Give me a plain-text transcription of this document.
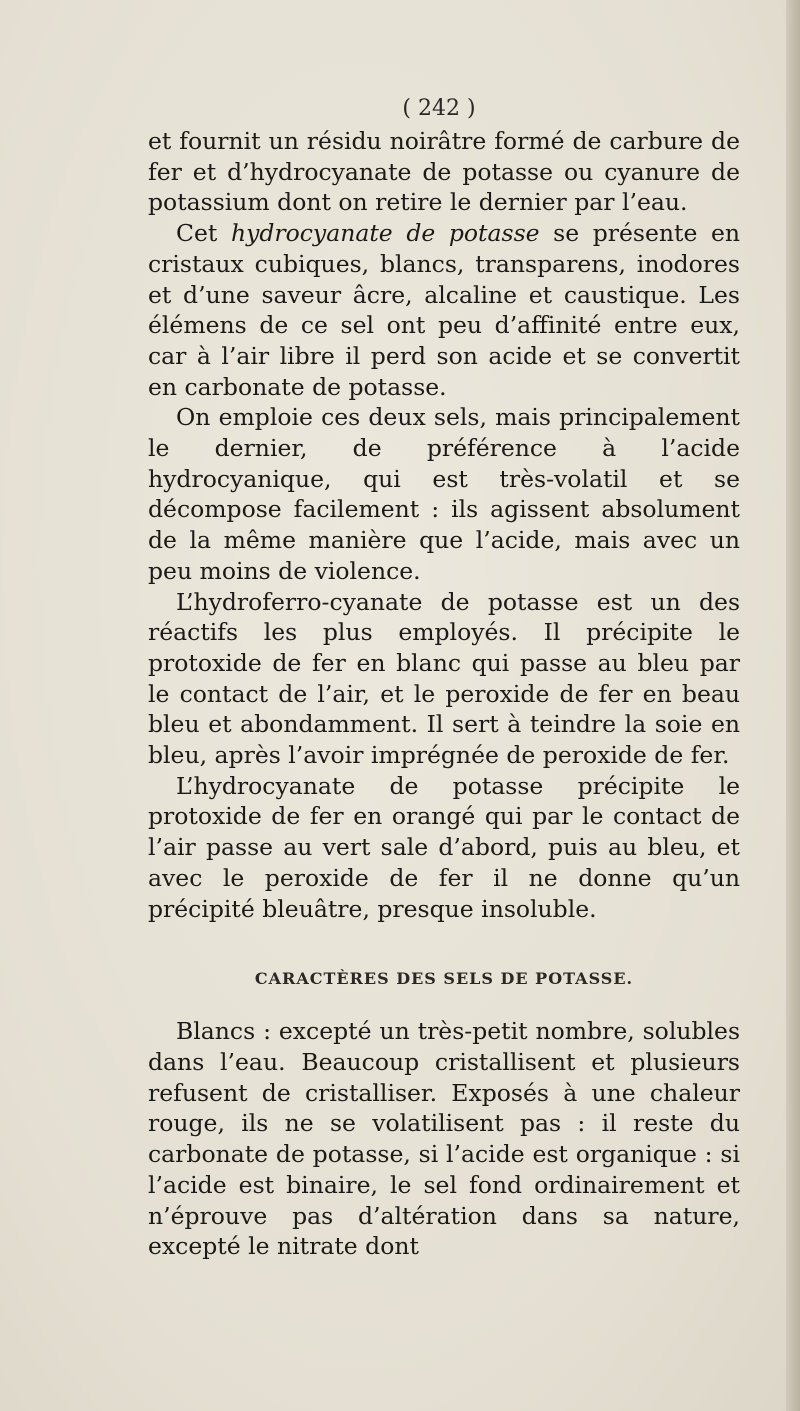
( 242 )

et fournit un résidu noirâtre formé de carbure de fer et d’hydrocyanate de potasse ou cyanure de potassium dont on retire le dernier par l’eau.

Cet hydrocyanate de potasse se présente en cristaux cubiques, blancs, transparens, inodores et d’une saveur âcre, alcaline et caustique. Les élémens de ce sel ont peu d’affinité entre eux, car à l’air libre il perd son acide et se convertit en carbonate de potasse.

On emploie ces deux sels, mais principalement le dernier, de préférence à l’acide hydrocyanique, qui est très-volatil et se décompose facilement : ils agissent absolument de la même manière que l’acide, mais avec un peu moins de violence.

L’hydroferro-cyanate de potasse est un des réactifs les plus employés. Il précipite le protoxide de fer en blanc qui passe au bleu par le contact de l’air, et le peroxide de fer en beau bleu et abondamment. Il sert à teindre la soie en bleu, après l’avoir imprégnée de peroxide de fer.

L’hydrocyanate de potasse précipite le protoxide de fer en orangé qui par le contact de l’air passe au vert sale d’abord, puis au bleu, et avec le peroxide de fer il ne donne qu’un précipité bleuâtre, presque insoluble.

CARACTÈRES DES SELS DE POTASSE.

Blancs : excepté un très-petit nombre, solubles dans l’eau. Beaucoup cristallisent et plusieurs refusent de cristalliser. Exposés à une chaleur rouge, ils ne se volatilisent pas : il reste du carbonate de potasse, si l’acide est organique : si l’acide est binaire, le sel fond ordinairement et n’éprouve pas d’altération dans sa nature, excepté le nitrate dont
